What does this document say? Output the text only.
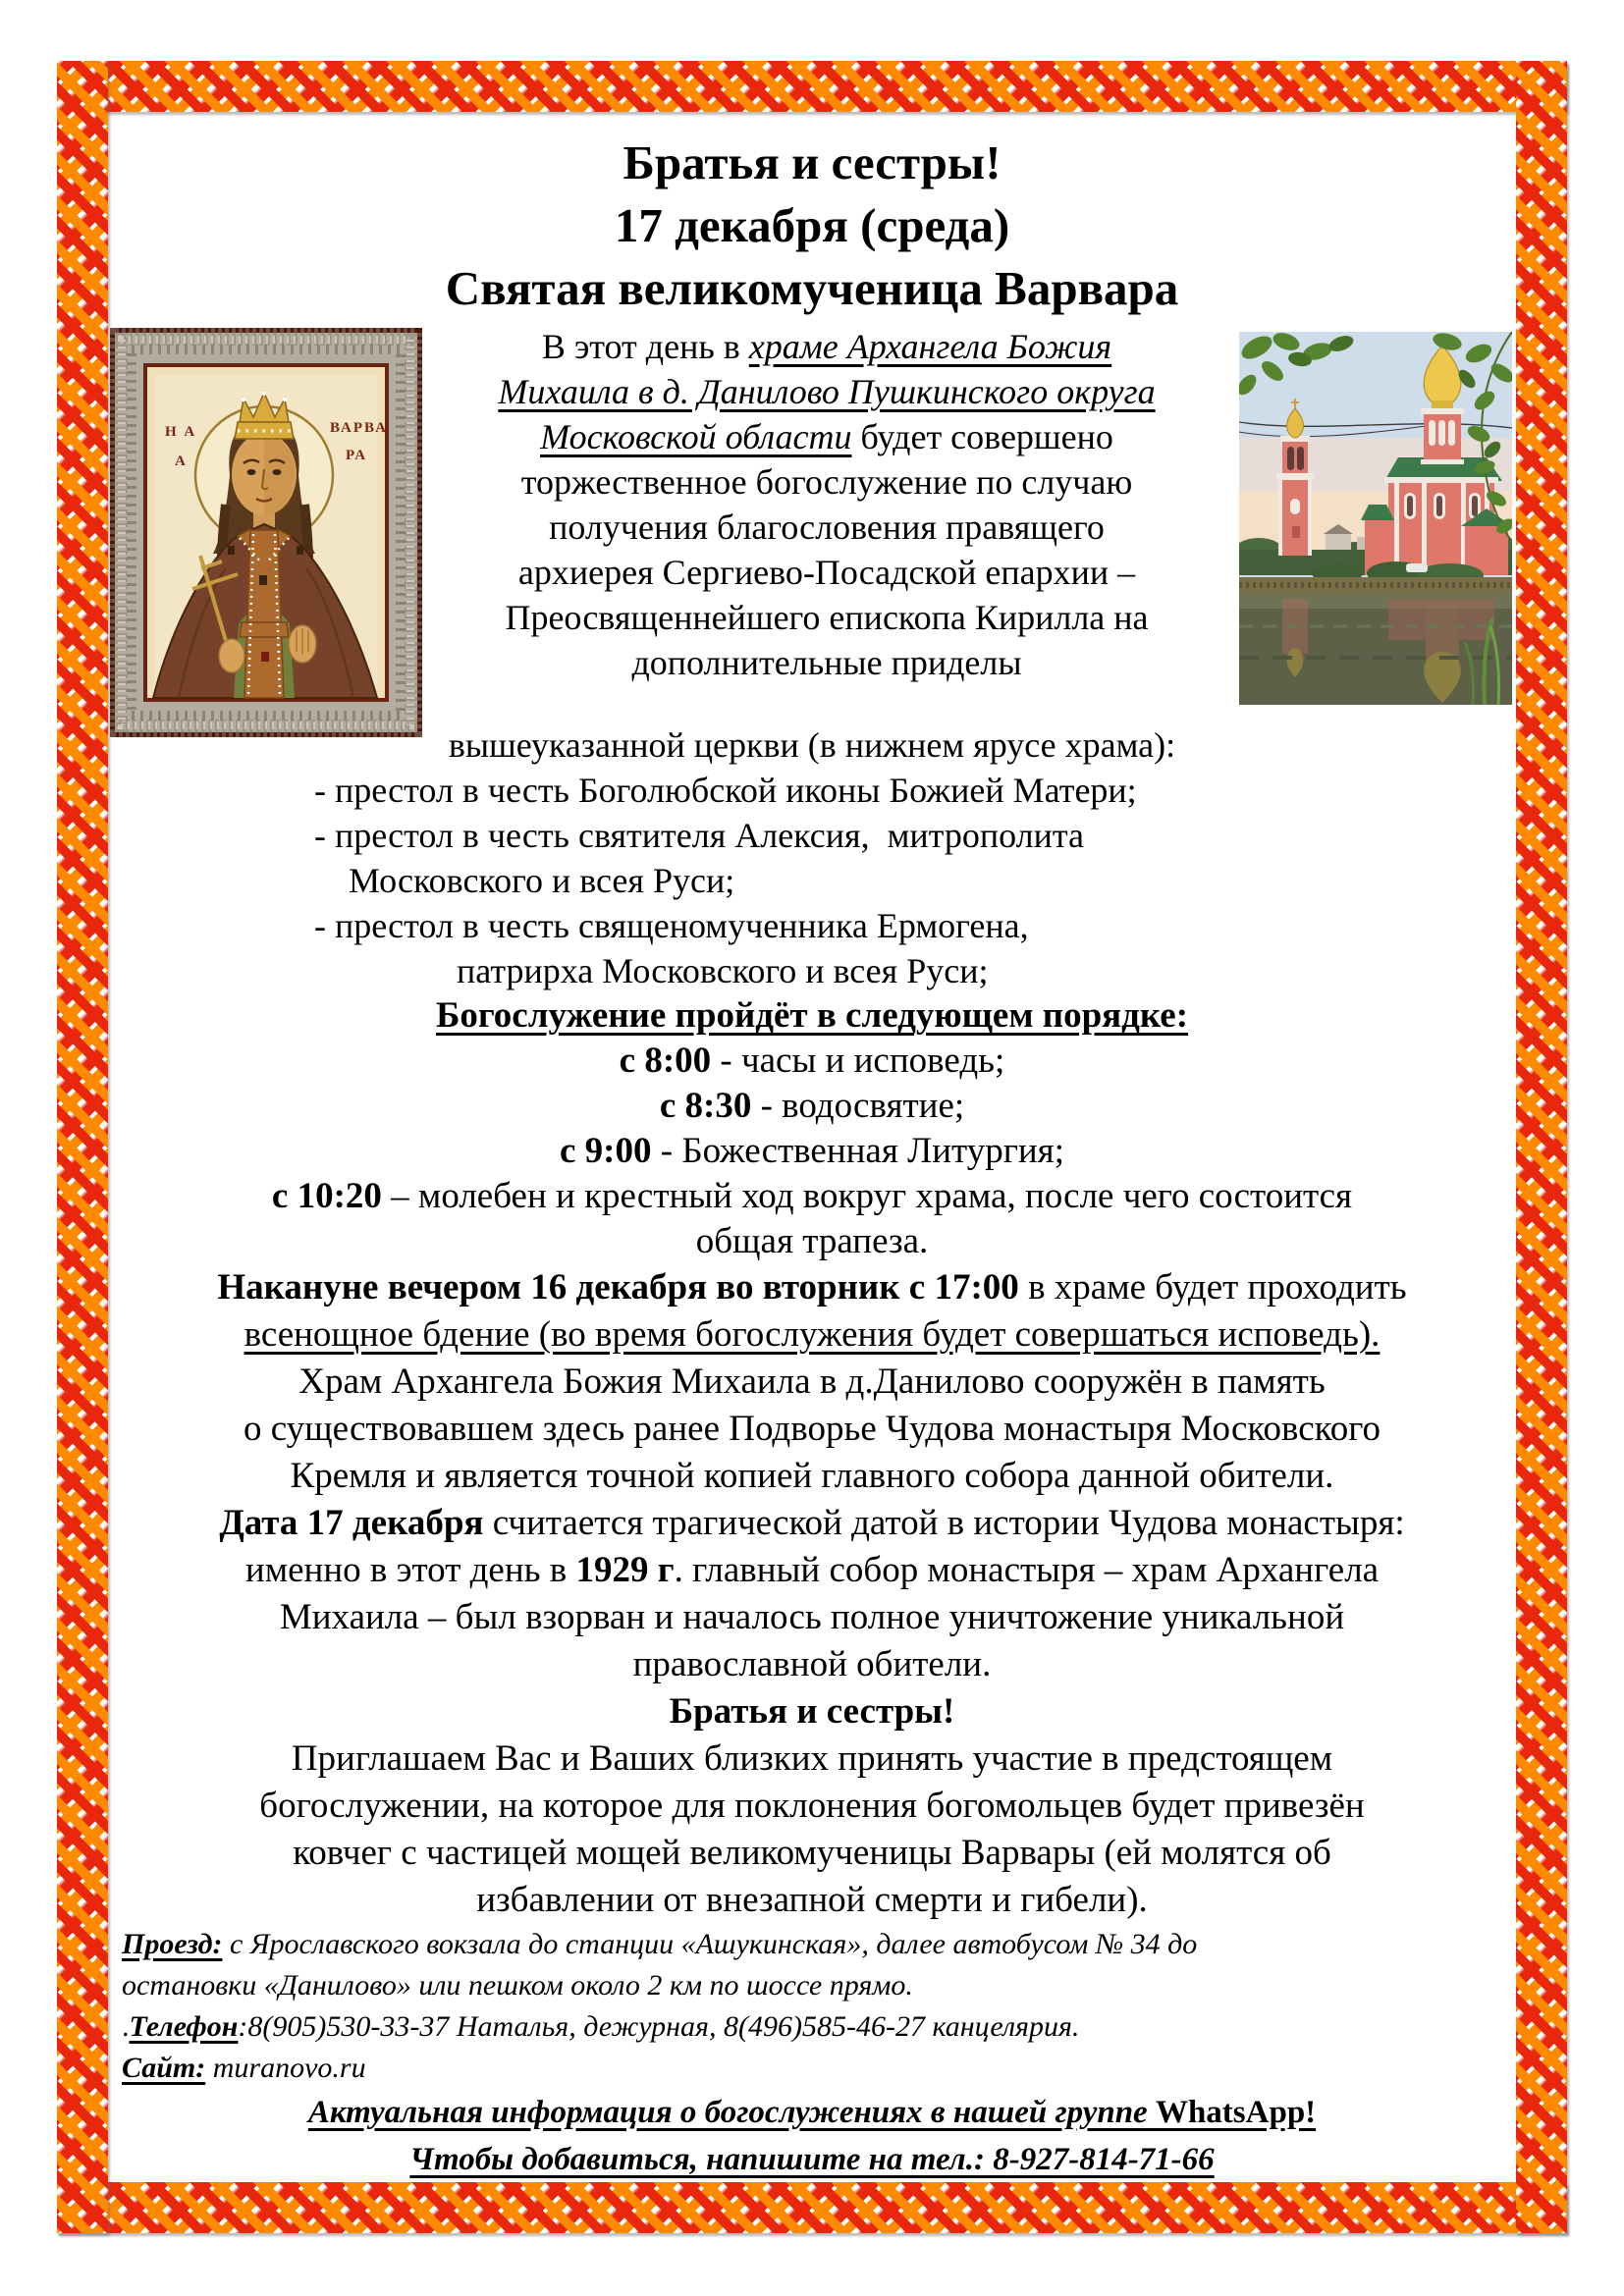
Братья и сестры!
17 декабря (среда)
Святая великомученица Варвара
Н А
А
ВАРВА
РА
В этот день в храме Архангела Божия
Михаила в д. Данилово Пушкинского округа
Московской области будет совершено
торжественное богослужение по случаю
получения благословения правящего
архиерея Сергиево-Посадской епархии –
Преосвященнейшего епископа Кирилла на
дополнительные приделы
вышеуказанной церкви (в нижнем ярусе храма):
- престол в честь Боголюбской иконы Божией Матери;
- престол в честь святителя Алексия,  митрополита
Московского и всея Руси;
- престол в честь священомученника Ермогена,
патрирха Московского и всея Руси;
Богослужение пройдёт в следующем порядке:
с 8:00 - часы и исповедь;
с 8:30 - водосвятие;
с 9:00 - Божественная Литургия;
с 10:20 – молебен и крестный ход вокруг храма, после чего состоится
общая трапеза.
Накануне вечером 16 декабря во вторник с 17:00 в храме будет проходить
всенощное бдение (во время богослужения будет совершаться исповедь).
Храм Архангела Божия Михаила в д.Данилово сооружён в память
о существовавшем здесь ранее Подворье Чудова монастыря Московского
Кремля и является точной копией главного собора данной обители.
Дата 17 декабря считается трагической датой в истории Чудова монастыря:
именно в этот день в 1929 г. главный собор монастыря – храм Архангела
Михаила – был взорван и началось полное уничтожение уникальной
православной обители.
Братья и сестры!
Приглашаем Вас и Ваших близких принять участие в предстоящем
богослужении, на которое для поклонения богомольцев будет привезён
ковчег с частицей мощей великомученицы Варвары (ей молятся об
избавлении от внезапной смерти и гибели).
Проезд: с Ярославского вокзала до станции «Ашукинская», далее автобусом № 34 до
остановки «Данилово» или пешком около 2 км по шоссе прямо.
.Телефон:8(905)530-33-37 Наталья, дежурная, 8(496)585-46-27 канцелярия.
Сайт: muranovo.ru
Актуальная информация о богослужениях в нашей группе WhatsApp!
Чтобы добавиться, напишите на тел.: 8-927-814-71-66
